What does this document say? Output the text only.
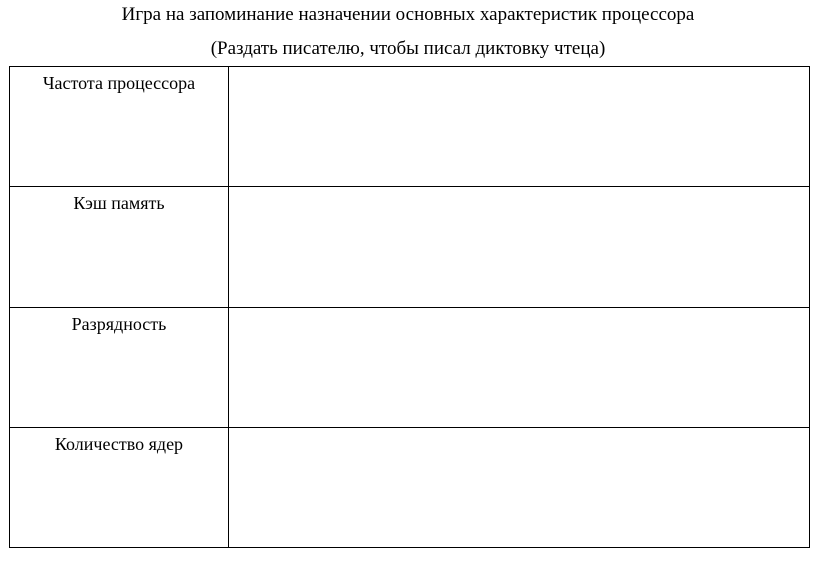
Игра на запоминание назначении основных характеристик процессора
(Раздать писателю, чтобы писал диктовку чтеца)
Частота процессора	

Кэш память	

Разрядность	

Количество ядер	
